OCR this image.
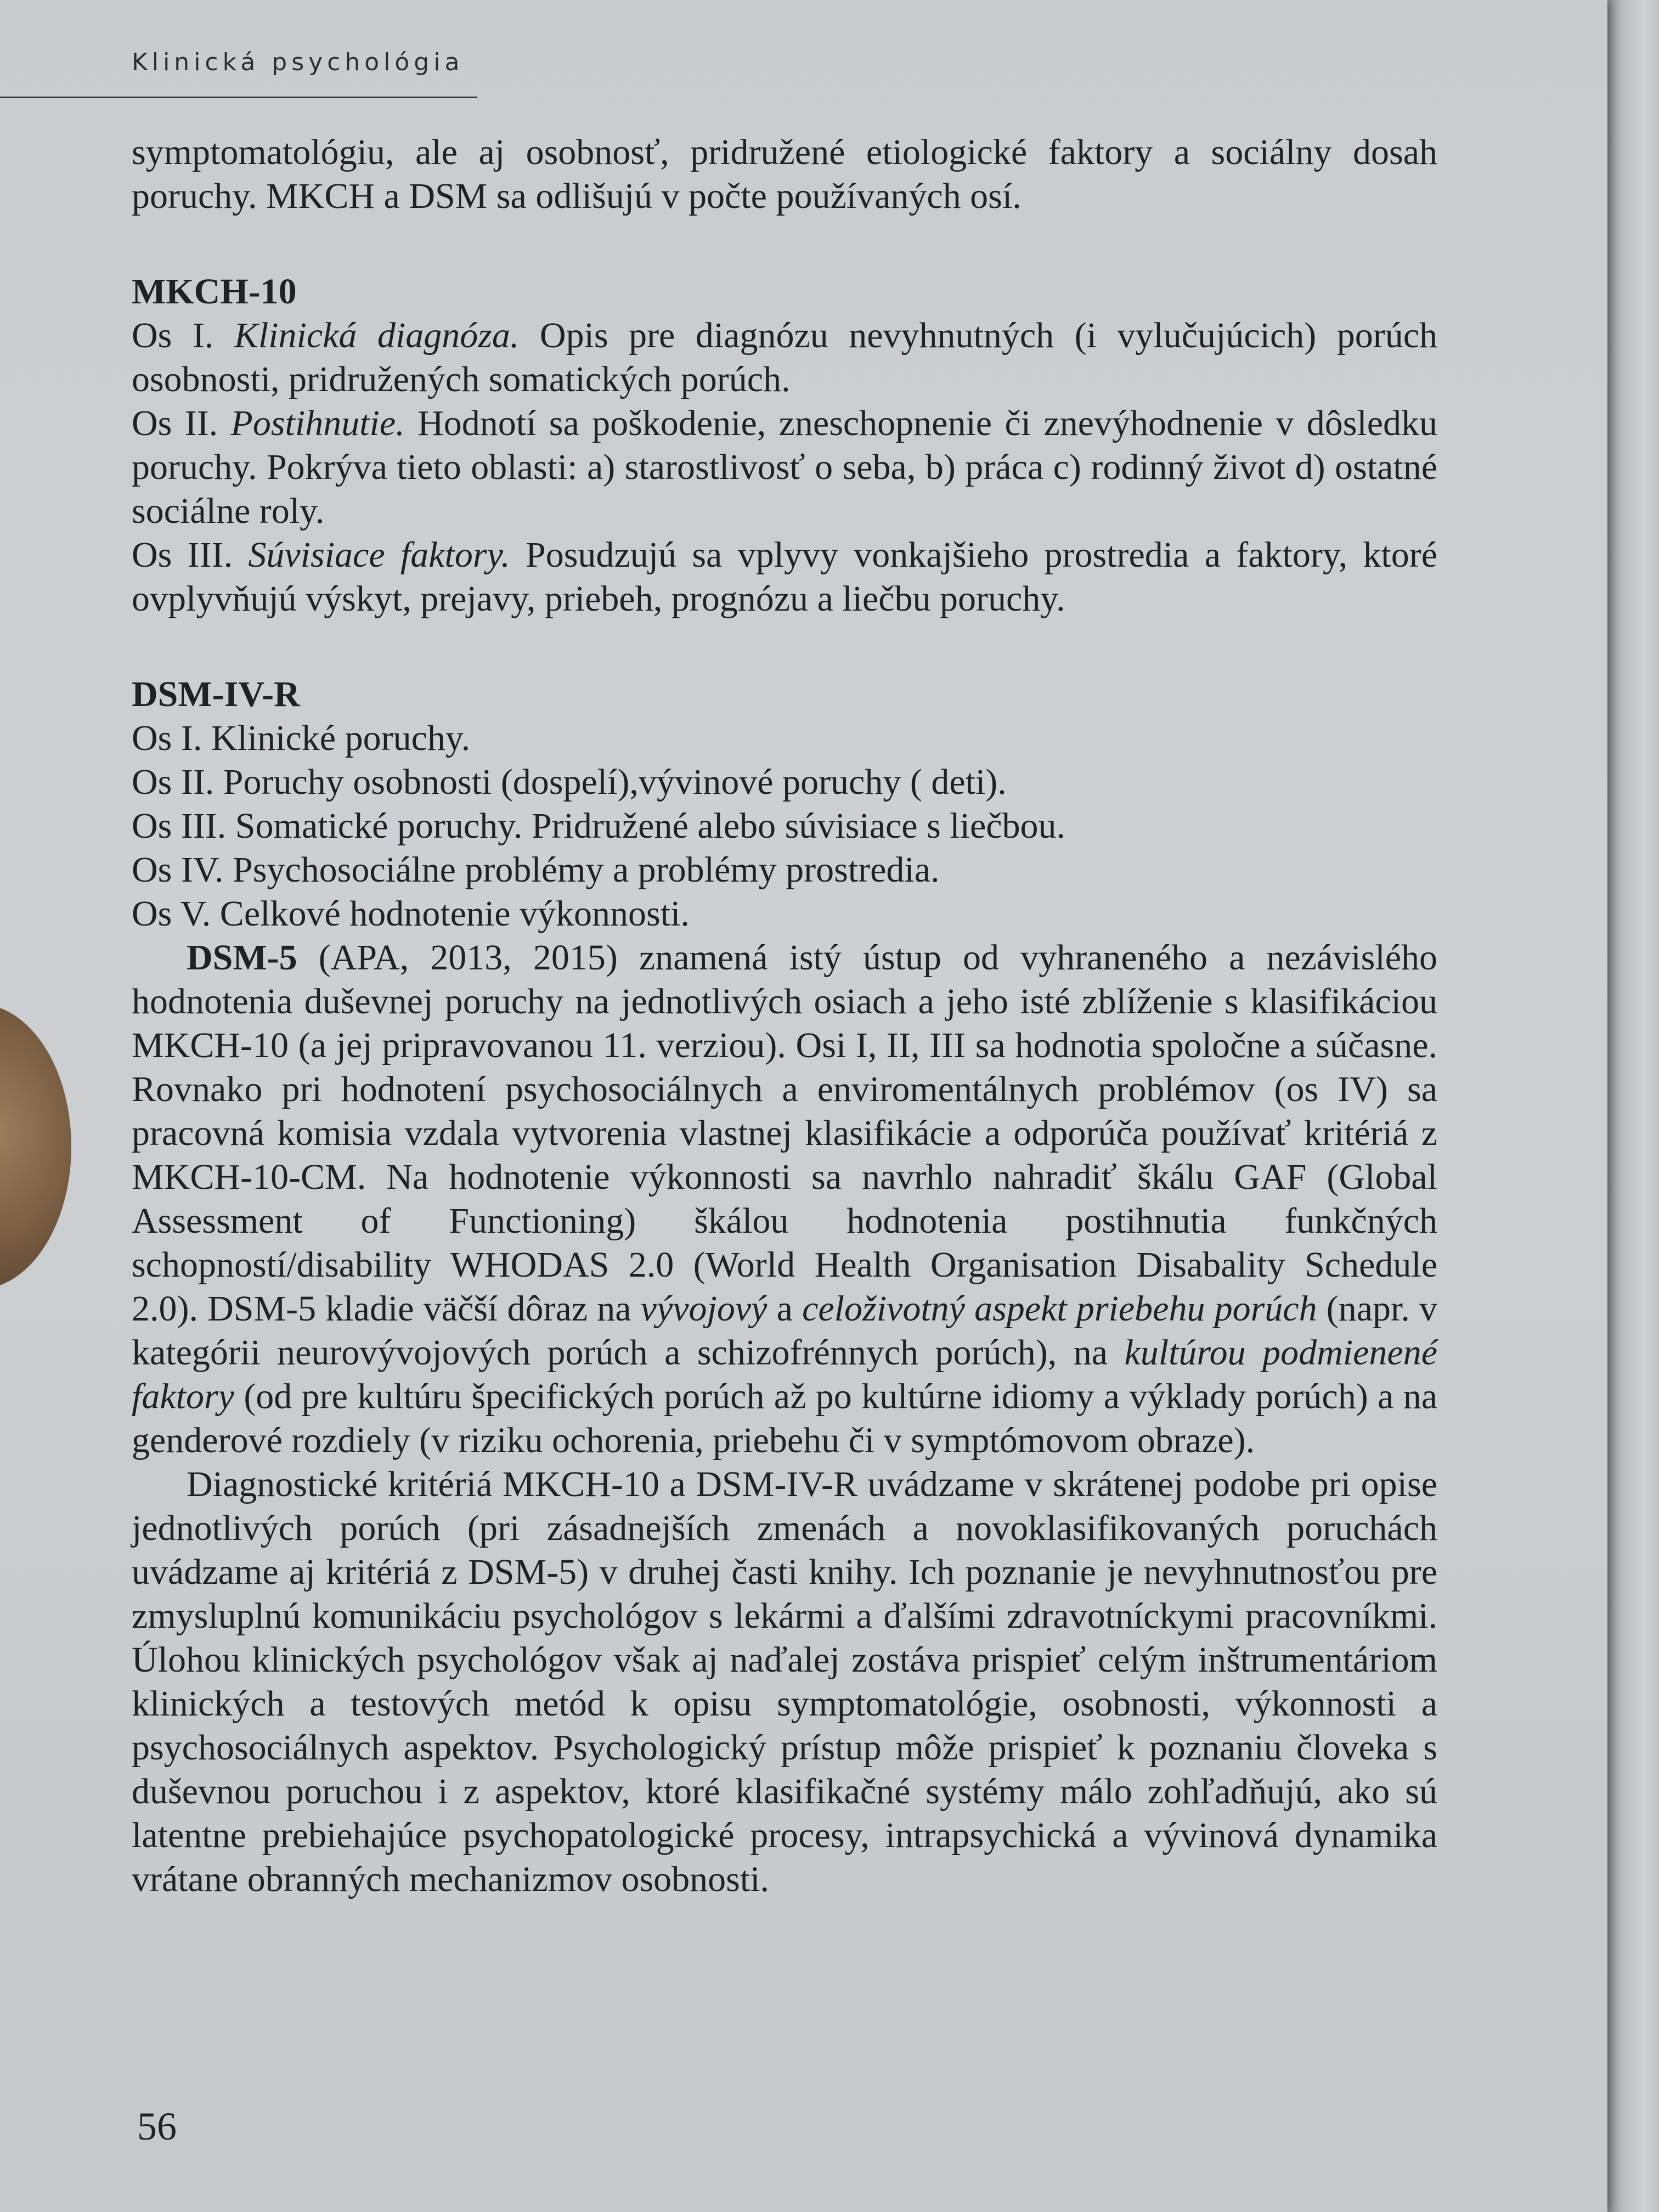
Klinická psychológia

symptomatológiu, ale aj osobnosť, pridružené etiologické faktory a sociálny dosah poruchy. MKCH a DSM sa odlišujú v počte používaných osí.

MKCH-10

Os I. Klinická diagnóza. Opis pre diagnózu nevyhnutných (i vylučujúcich) porúch osobnosti, pridružených somatických porúch.

Os II. Postihnutie. Hodnotí sa poškodenie, zneschopnenie či znevýhodnenie v dôsledku poruchy. Pokrýva tieto oblasti: a) starostlivosť o seba, b) práca c) rodinný život d) ostatné sociálne roly.

Os III. Súvisiace faktory. Posudzujú sa vplyvy vonkajšieho prostredia a faktory, ktoré ovplyvňujú výskyt, prejavy, priebeh, prognózu a liečbu poruchy.

DSM-IV-R

Os I. Klinické poruchy.

Os II. Poruchy osobnosti (dospelí),vývinové poruchy ( deti).

Os III. Somatické poruchy. Pridružené alebo súvisiace s liečbou.

Os IV. Psychosociálne problémy a problémy prostredia.

Os V. Celkové hodnotenie výkonnosti.

DSM-5 (APA, 2013, 2015) znamená istý ústup od vyhraneného a nezávislého hodnotenia duševnej poruchy na jednotlivých osiach a jeho isté zblíženie s klasifikáciou MKCH-10 (a jej pripravovanou 11. verziou). Osi I, II, III sa hodnotia spoločne a súčasne. Rovnako pri hodnotení psychosociálnych a enviromentálnych problémov (os IV) sa pracovná komisia vzdala vytvorenia vlastnej klasifikácie a odporúča používať kritériá z MKCH-10-CM. Na hodnotenie výkonnosti sa navrhlo nahradiť škálu GAF (Global Assessment of Functioning) škálou hodnotenia postihnutia funkčných schopností/disability WHODAS 2.0 (World Health Organisation Disabality Schedule 2.0). DSM-5 kladie väčší dôraz na vývojový a celoživotný aspekt priebehu porúch (napr. v kategórii neurovývojových porúch a schizofrénnych porúch), na kultúrou podmienené faktory (od pre kultúru špecifických porúch až po kultúrne idiomy a výklady porúch) a na genderové rozdiely (v riziku ochorenia, priebehu či v symptómovom obraze).

Diagnostické kritériá MKCH-10 a DSM-IV-R uvádzame v skrátenej podobe pri opise jednotlivých porúch (pri zásadnejších zmenách a novoklasifikovaných poruchách uvádzame aj kritériá z DSM-5) v druhej časti knihy. Ich poznanie je nevyhnutnosťou pre zmysluplnú komunikáciu psychológov s lekármi a ďalšími zdravotníckymi pracovníkmi. Úlohou klinických psychológov však aj naďalej zostáva prispieť celým inštrumentáriom klinických a testových metód k opisu symptomatológie, osobnosti, výkonnosti a psychosociálnych aspektov. Psychologický prístup môže prispieť k poznaniu človeka s duševnou poruchou i z aspektov, ktoré klasifikačné systémy málo zohľadňujú, ako sú latentne prebiehajúce psychopatologické procesy, intrapsychická a vývinová dynamika vrátane obranných mechanizmov osobnosti.

56
